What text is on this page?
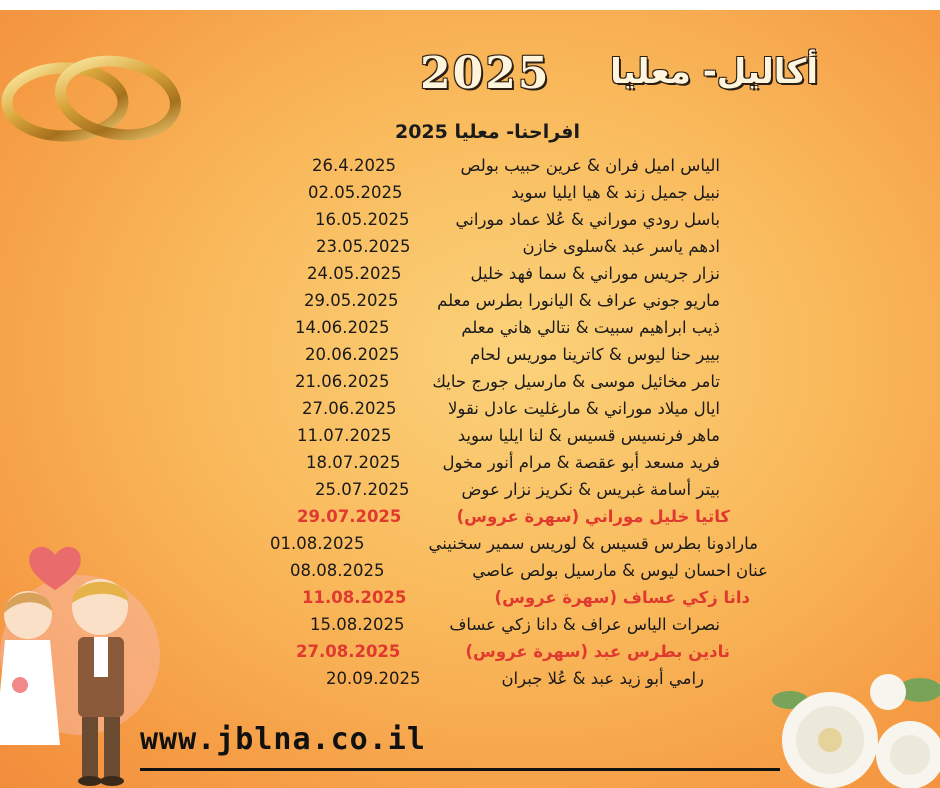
2025	أكاليل- معليا
افراحنا- معليا 2025
الياس اميل فران & عرين حبيب بولص
26.4.2025
نبيل جميل زند & هيا ايليا سويد
02.05.2025
باسل رودي موراني & عُلا عماد موراني
16.05.2025
ادهم ياسر عبد &سلوى خازن
23.05.2025
نزار جريس موراني & سما فهد خليل
24.05.2025
ماريو جوني عراف & اليانورا بطرس معلم
29.05.2025
ذيب ابراهيم سبيت & نتالي هاني معلم
14.06.2025
بيير حنا ليوس & كاترينا موريس لحام
20.06.2025
تامر مخائيل موسى & مارسيل جورج حايك
21.06.2025
ايال ميلاد موراني & مارغليت عادل نقولا
27.06.2025
ماهر فرنسيس قسيس & لنا ايليا سويد
11.07.2025
فريد مسعد أبو عقصة & مرام أنور مخول
18.07.2025
بيتر أسامة غبريس & نكريز نزار عوض
25.07.2025
كاتيا خليل موراني (سهرة عروس)
29.07.2025
مارادونا بطرس قسيس & لوريس سمير سخنيني
01.08.2025
عنان احسان ليوس & مارسيل بولص عاصي
08.08.2025
دانا زكي عساف (سهرة عروس)
11.08.2025
نصرات الياس عراف & دانا زكي عساف
15.08.2025
نادين بطرس عبد (سهرة عروس)
27.08.2025
رامي أبو زيد عبد & عُلا جبران
20.09.2025
www.jblna.co.il
